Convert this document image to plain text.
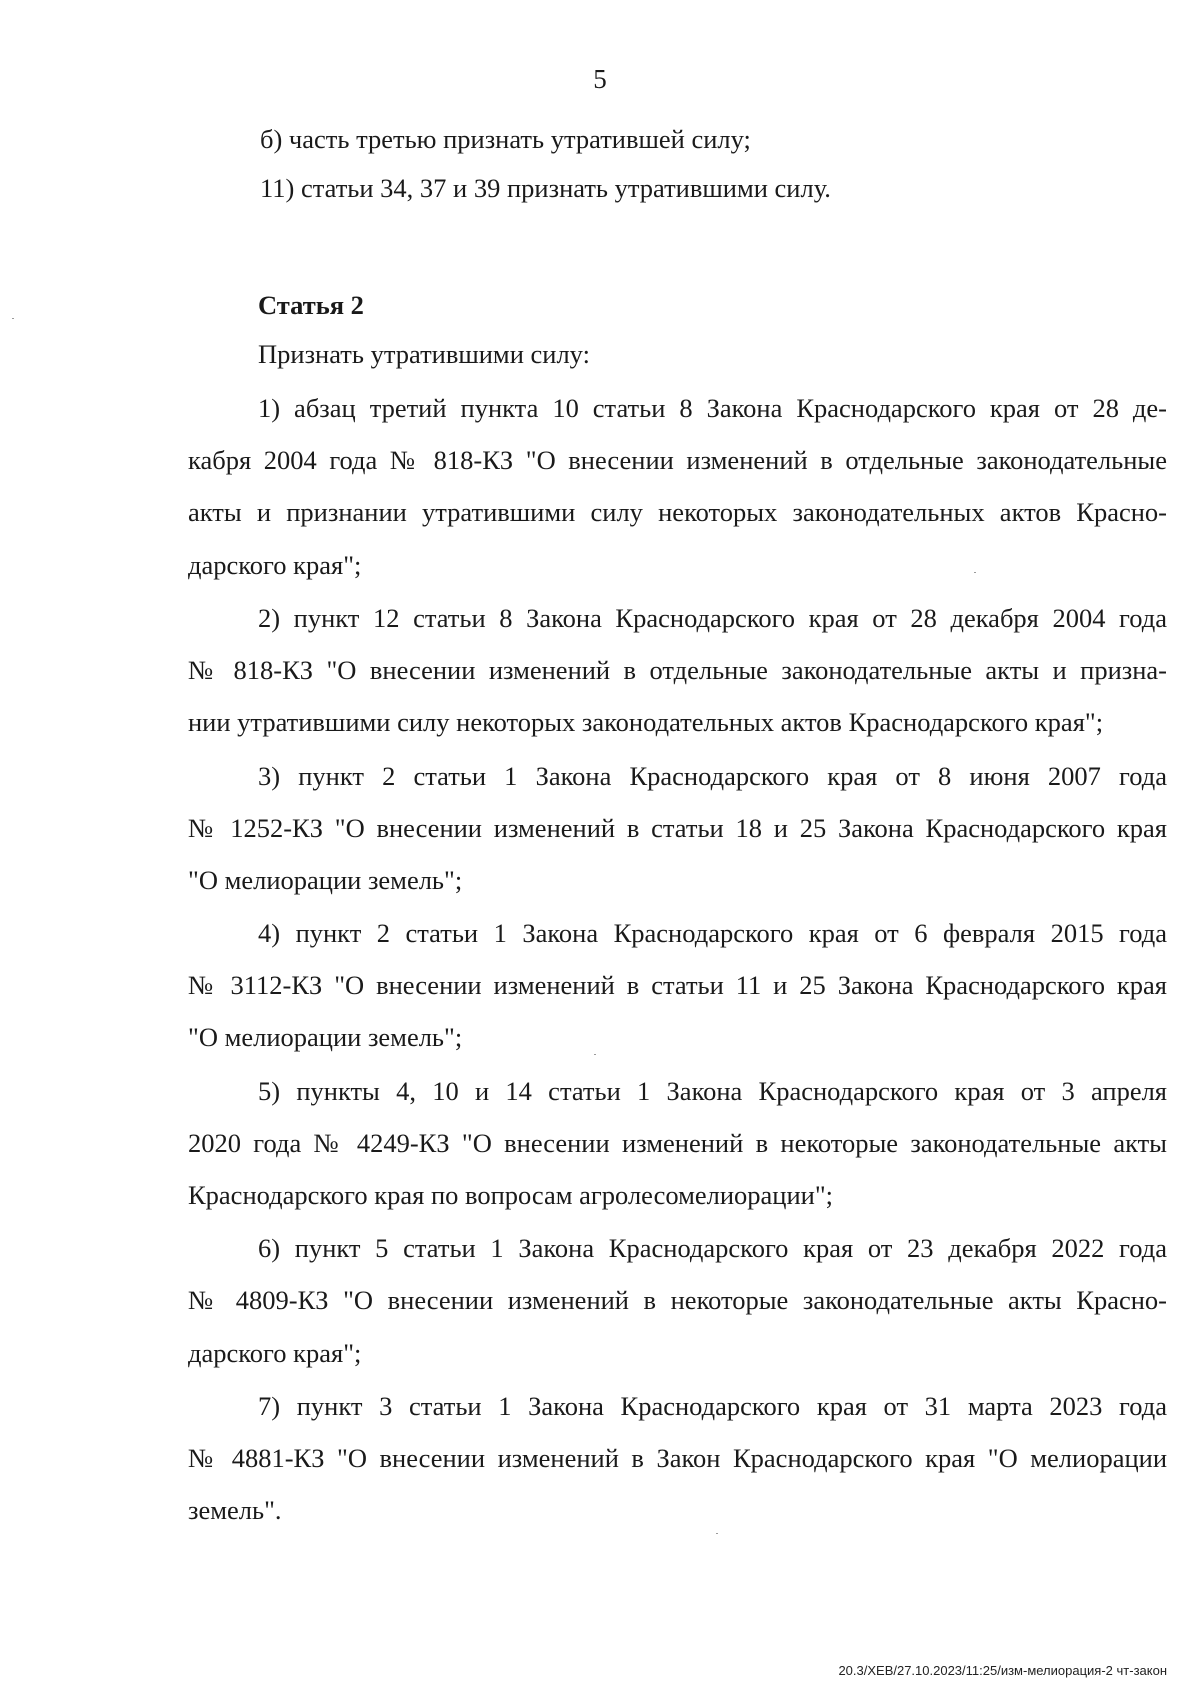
5
б) часть третью признать утратившей силу;
11) статьи 34, 37 и 39 признать утратившими силу.
Статья 2
Признать утратившими силу:
1) абзац третий пункта 10 статьи 8 Закона Краснодарского края от 28 де-
кабря 2004 года № 818-КЗ "О внесении изменений в отдельные законодательные
акты и признании утратившими силу некоторых законодательных актов Красно-
дарского края";
2) пункт 12 статьи 8 Закона Краснодарского края от 28 декабря 2004 года
№ 818-КЗ "О внесении изменений в отдельные законодательные акты и призна-
нии утратившими силу некоторых законодательных актов Краснодарского края";
3) пункт 2 статьи 1 Закона Краснодарского края от 8 июня 2007 года
№ 1252-КЗ "О внесении изменений в статьи 18 и 25 Закона Краснодарского края
"О мелиорации земель";
4) пункт 2 статьи 1 Закона Краснодарского края от 6 февраля 2015 года
№ 3112-КЗ "О внесении изменений в статьи 11 и 25 Закона Краснодарского края
"О мелиорации земель";
5) пункты 4, 10 и 14 статьи 1 Закона Краснодарского края от 3 апреля
2020 года № 4249-КЗ "О внесении изменений в некоторые законодательные акты
Краснодарского края по вопросам агролесомелиорации";
6) пункт 5 статьи 1 Закона Краснодарского края от 23 декабря 2022 года
№ 4809-КЗ "О внесении изменений в некоторые законодательные акты Красно-
дарского края";
7) пункт 3 статьи 1 Закона Краснодарского края от 31 марта 2023 года
№ 4881-КЗ "О внесении изменений в Закон Краснодарского края "О мелиорации
земель".
20.3/ХЕВ/27.10.2023/11:25/изм-мелиорация-2 чт-закон
